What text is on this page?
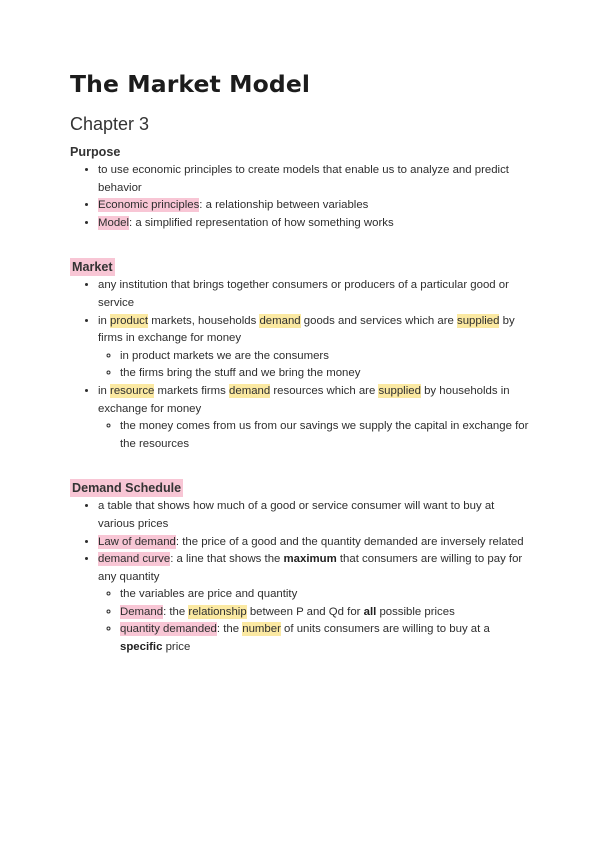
The Market Model
Chapter 3
Purpose
• to use economic principles to create models that enable us to analyze and predict behavior
• Economic principles: a relationship between variables
• Model: a simplified representation of how something works
Market
• any institution that brings together consumers or producers of a particular good or service
• in product markets, households demand goods and services which are supplied by firms in exchange for money
◦ in product markets we are the consumers
◦ the firms bring the stuff and we bring the money
• in resource markets firms demand resources which are supplied by households in exchange for money
◦ the money comes from us from our savings we supply the capital in exchange for the resources
Demand Schedule
• a table that shows how much of a good or service consumer will want to buy at various prices
• Law of demand: the price of a good and the quantity demanded are inversely related
• demand curve: a line that shows the maximum that consumers are willing to pay for any quantity
◦ the variables are price and quantity
◦ Demand: the relationship between P and Qd for all possible prices
◦ quantity demanded: the number of units consumers are willing to buy at a specific price
